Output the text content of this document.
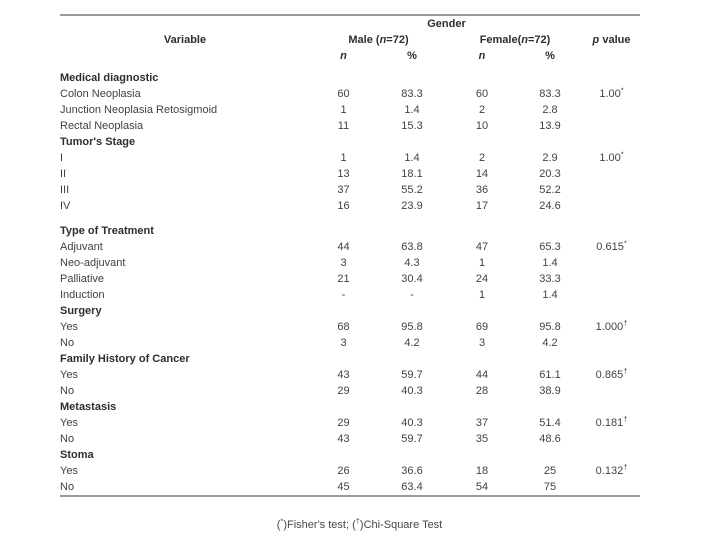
	Gender				
Variable	Male (n=72)		Female(n=72)		p value
	n	%	n	%	

Medical diagnostic					
Colon Neoplasia	60	83.3	60	83.3	1.00*
Junction Neoplasia Retosigmoid	1	1.4	2	2.8	
Rectal Neoplasia	11	15.3	10	13.9	
Tumor's Stage					
I	1	1.4	2	2.9	1.00*
II	13	18.1	14	20.3	
III	37	55.2	36	52.2	
IV	16	23.9	17	24.6	

Type of Treatment					
Adjuvant	44	63.8	47	65.3	0.615*
Neo-adjuvant	3	4.3	1	1.4	
Palliative	21	30.4	24	33.3	
Induction	-	-	1	1.4	
Surgery					
Yes	68	95.8	69	95.8	1.000†
No	3	4.2	3	4.2	
Family History of Cancer					
Yes	43	59.7	44	61.1	0.865†
No	29	40.3	28	38.9	
Metastasis					
Yes	29	40.3	37	51.4	0.181†
No	43	59.7	35	48.6	
Stoma					
Yes	26	36.6	18	25	0.132†
No	45	63.4	54	75	
(*)Fisher's test; (†)Chi-Square Test
